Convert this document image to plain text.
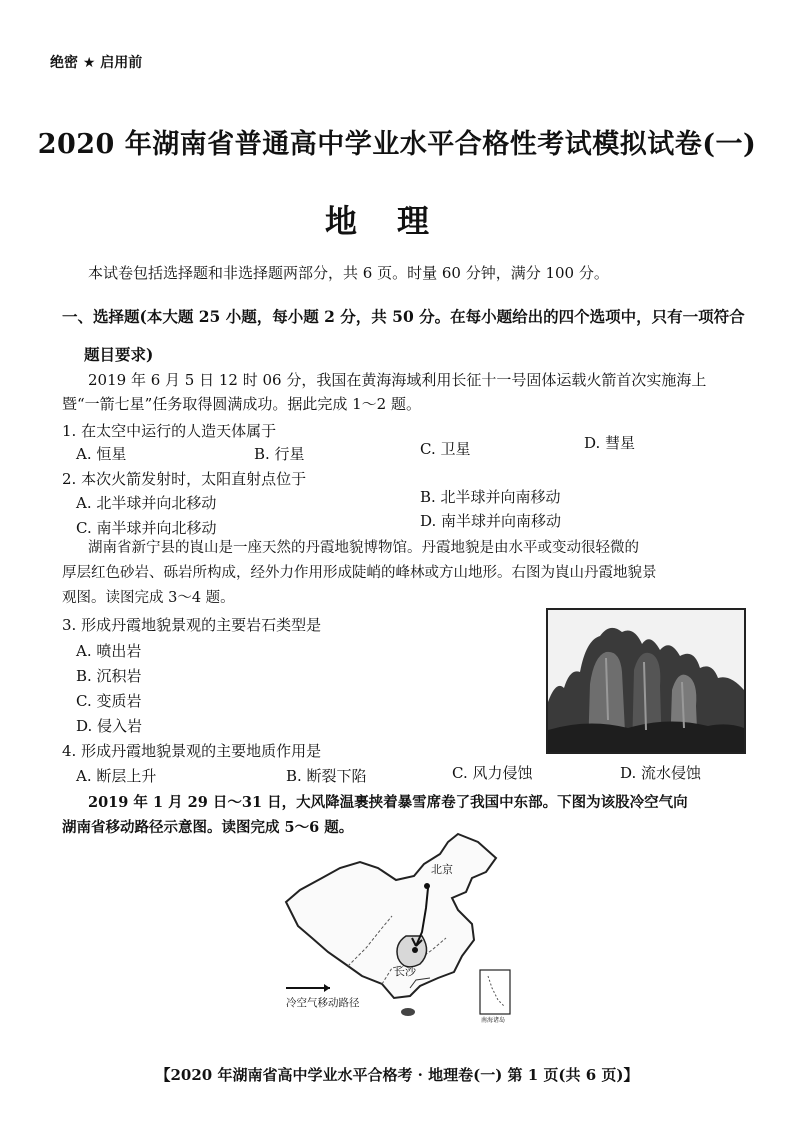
绝密 ★ 启用前
2020 年湖南省普通高中学业水平合格性考试模拟试卷(一)
地理
本试卷包括选择题和非选择题两部分，共 6 页。时量 60 分钟，满分 100 分。
一、选择题(本大题 25 小题，每小题 2 分，共 50 分。在每小题给出的四个选项中，只有一项符合
题目要求)
2019 年 6 月 5 日 12 时 06 分，我国在黄海海域利用长征十一号固体运载火箭首次实施海上
暨“一箭七星”任务取得圆满成功。据此完成 1～2 题。
1. 在太空中运行的人造天体属于
A. 恒星	B. 行星	C. 卫星	D. 彗星
2. 本次火箭发射时，太阳直射点位于
A. 北半球并向北移动	B. 北半球并向南移动
C. 南半球并向北移动	D. 南半球并向南移动
湖南省新宁县的崀山是一座天然的丹霞地貌博物馆。丹霞地貌是由水平或变动很轻微的
厚层红色砂岩、砾岩所构成，经外力作用形成陡峭的峰林或方山地形。右图为崀山丹霞地貌景
观图。读图完成 3～4 题。
3. 形成丹霞地貌景观的主要岩石类型是
A. 喷出岩
B. 沉积岩
C. 变质岩
D. 侵入岩
4. 形成丹霞地貌景观的主要地质作用是
A. 断层上升	B. 断裂下陷	C. 风力侵蚀	D. 流水侵蚀
2019 年 1 月 29 日～31 日，大风降温裹挟着暴雪席卷了我国中东部。下图为该股冷空气向
湖南省移动路径示意图。读图完成 5～6 题。
北京
长沙
冷空气移动路径
南海诸岛
【2020 年湖南省高中学业水平合格考 · 地理卷(一) 第 1 页(共 6 页)】
